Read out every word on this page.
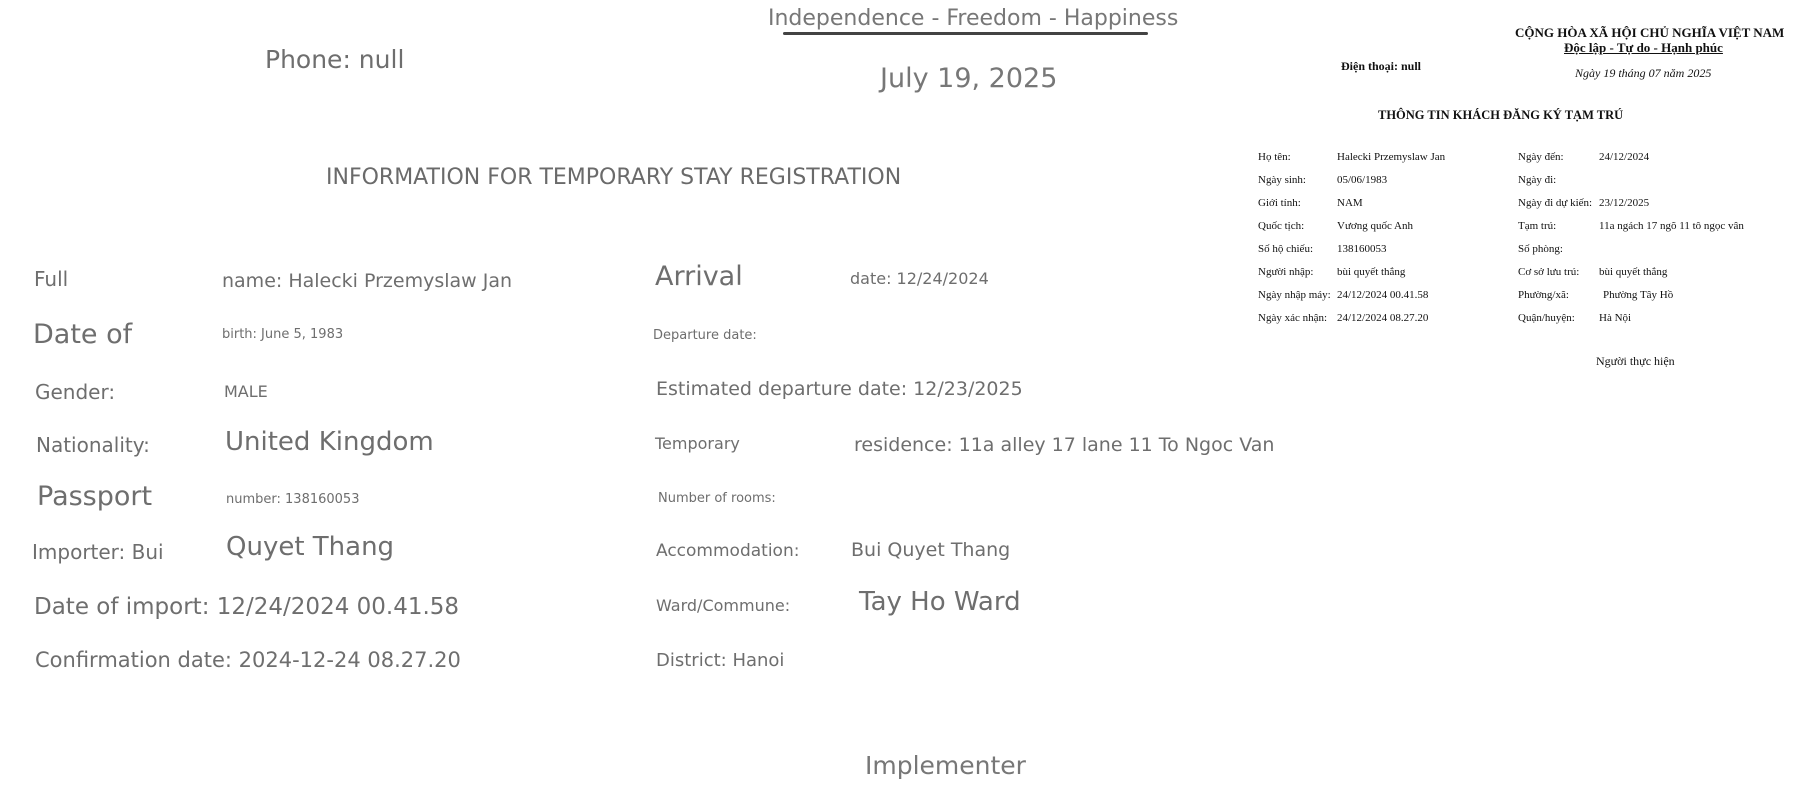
Independence - Freedom - Happiness
Phone: null
July 19, 2025
INFORMATION FOR TEMPORARY STAY REGISTRATION
Full	name: Halecki Przemyslaw Jan
Date of	birth: June 5, 1983
Gender:	MALE
Nationality:	United Kingdom
Passport	number: 138160053
Importer: Bui Quyet Thang
Date of import: 12/24/2024 00.41.58
Confirmation date: 2024-12-24 08.27.20
Arrival	date: 12/24/2024
Departure date:
Estimated departure date: 12/23/2025
Temporary	residence: 11a alley 17 lane 11 To Ngoc Van
Number of rooms:
Accommodation:	Bui Quyet Thang
Ward/Commune:	Tay Ho Ward
District: Hanoi
Implementer
CỘNG HÒA XÃ HỘI CHỦ NGHĨA VIỆT NAM
Độc lập - Tự do - Hạnh phúc
Điện thoại: null	Ngày 19 tháng 07 năm 2025
THÔNG TIN KHÁCH ĐĂNG KÝ TẠM TRÚ
Họ tên:	Halecki Przemyslaw Jan
Ngày sinh:	05/06/1983
Giới tính:	NAM
Quốc tịch:	Vương quốc Anh
Số hộ chiếu: 138160053
Người nhập: bùi quyết thắng
Ngày nhập máy: 24/12/2024 00.41.58
Ngày xác nhận: 24/12/2024 08.27.20
Ngày đến:	24/12/2024
Ngày đi:
Ngày đi dự kiến: 23/12/2025
Tạm trú:	11a ngách 17 ngõ 11 tô ngọc vân
Số phòng:
Cơ sở lưu trú: bùi quyết thắng
Phường/xã:	Phường Tây Hồ
Quận/huyện: Hà Nội
Người thực hiện
